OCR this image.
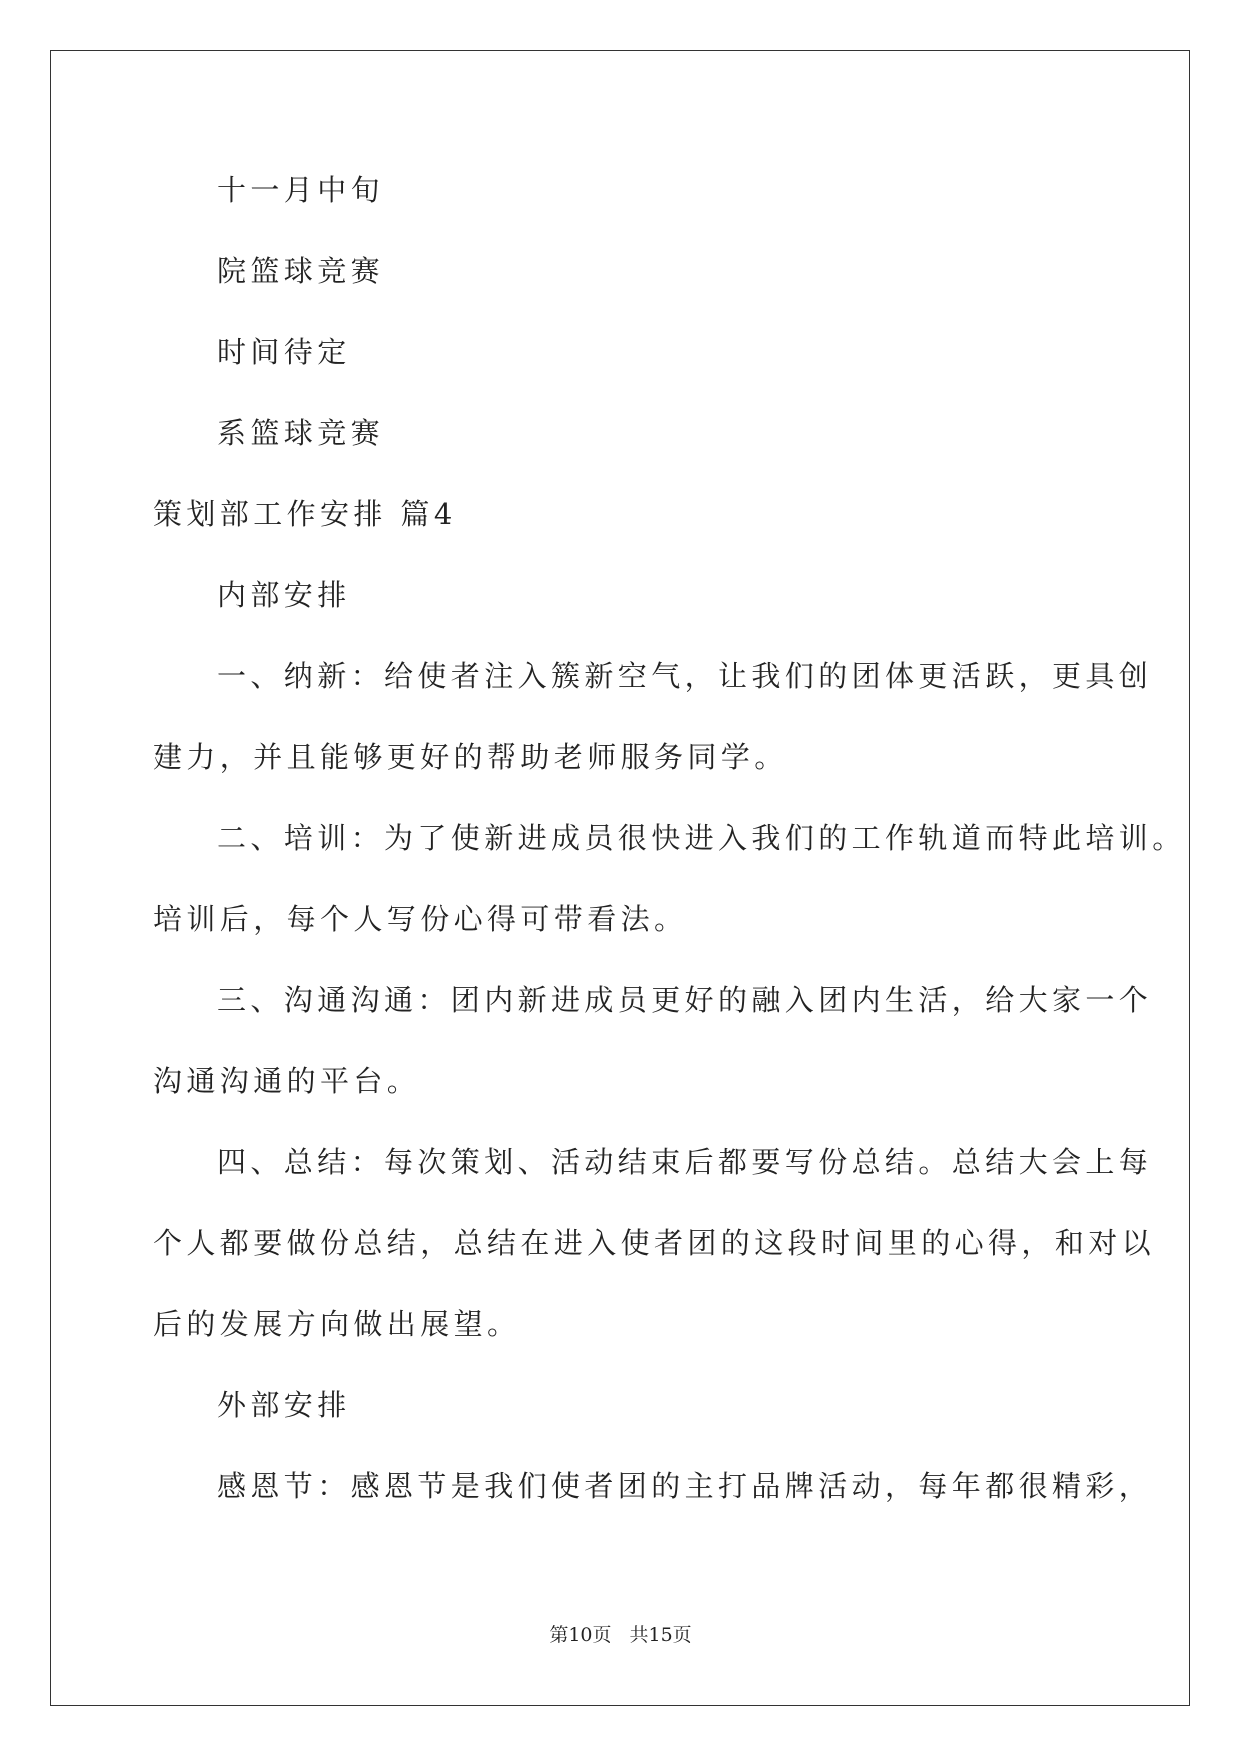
十一月中旬
院篮球竞赛
时间待定
系篮球竞赛
策划部工作安排 篇4
内部安排
一、纳新：给使者注入簇新空气，让我们的团体更活跃，更具创
建力，并且能够更好的帮助老师服务同学。
二、培训：为了使新进成员很快进入我们的工作轨道而特此培训。
培训后，每个人写份心得可带看法。
三、沟通沟通：团内新进成员更好的融入团内生活，给大家一个
沟通沟通的平台。
四、总结：每次策划、活动结束后都要写份总结。总结大会上每
个人都要做份总结，总结在进入使者团的这段时间里的心得，和对以
后的发展方向做出展望。
外部安排
感恩节：感恩节是我们使者团的主打品牌活动，每年都很精彩，
第10页 共15页
